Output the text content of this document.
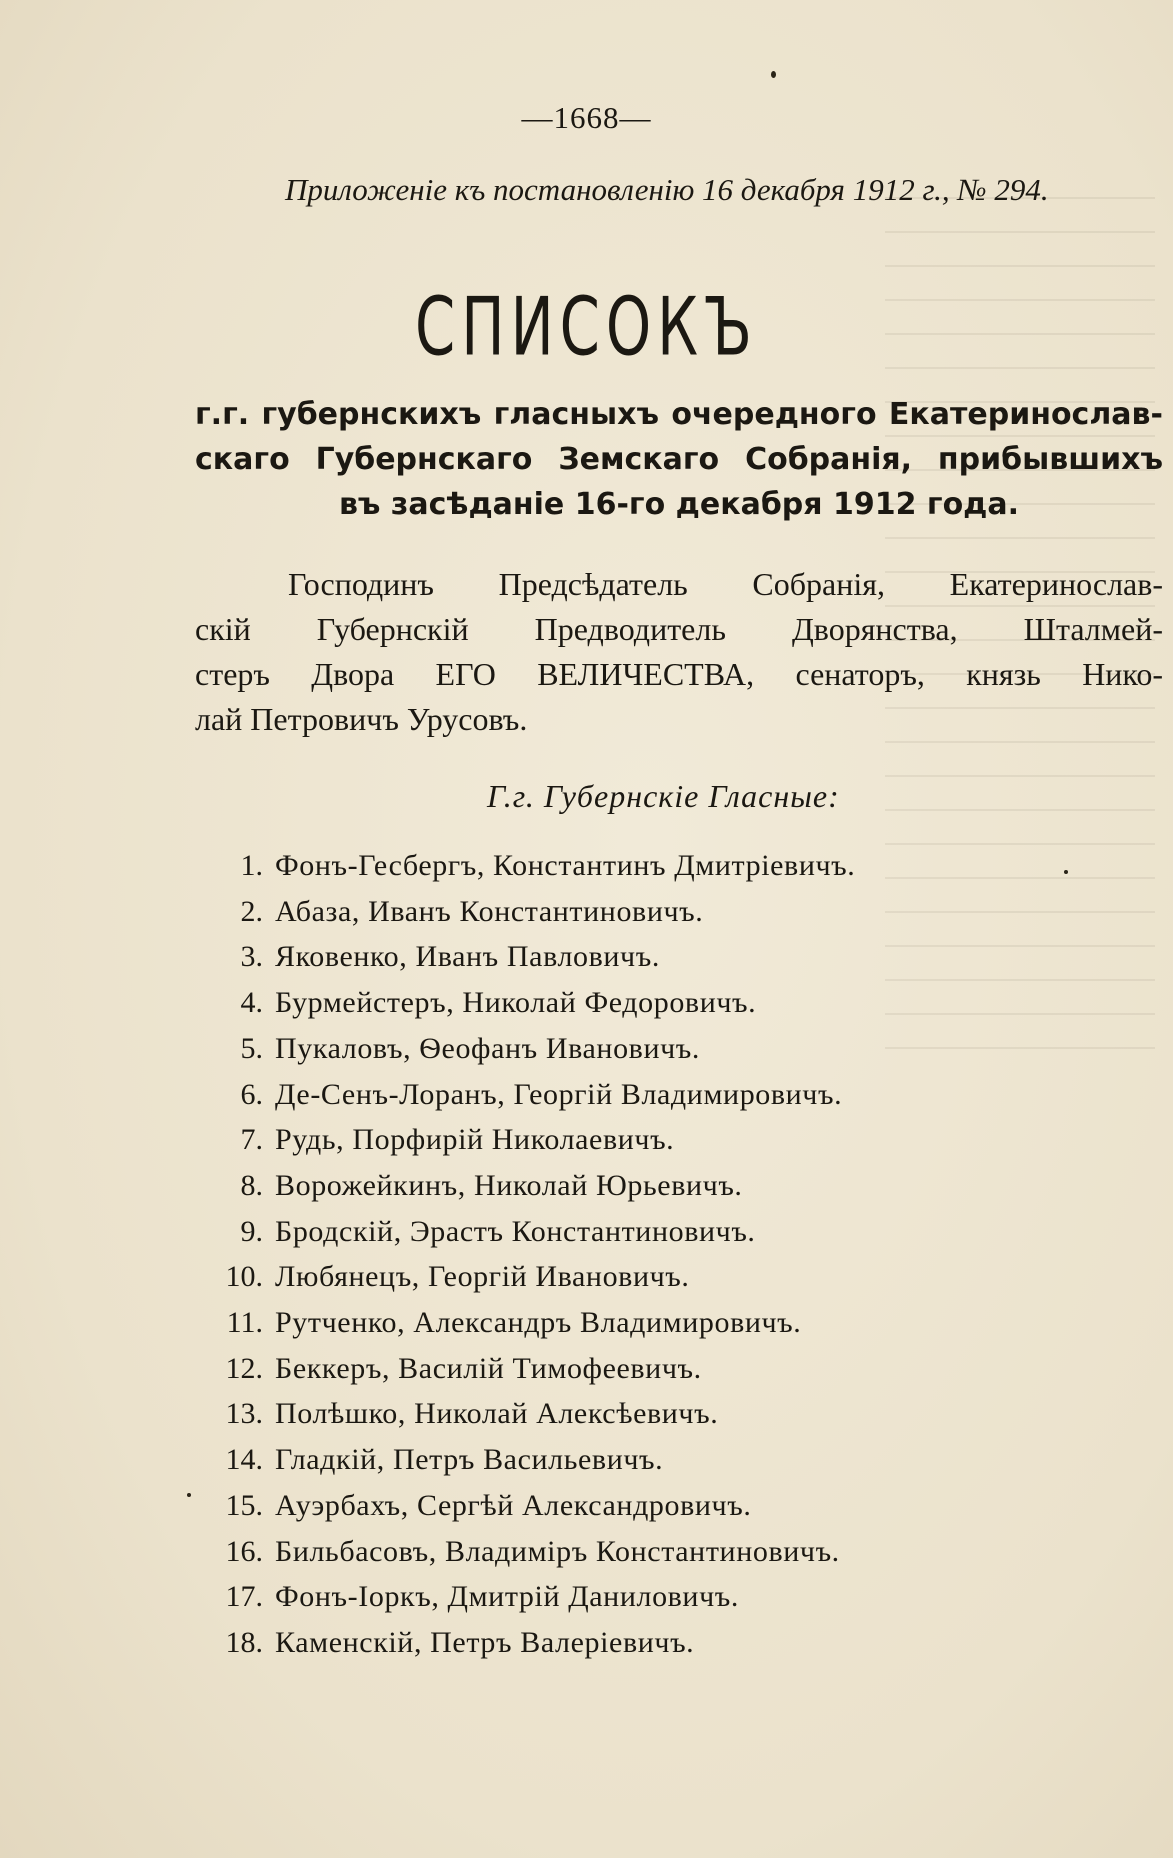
—1668—
Приложеніе къ постановленію 16 декабря 1912 г., № 294.
СПИСОКЪ
г.г. губернскихъ гласныхъ очередного Екатеринослав-
скаго Губернскаго Земскаго Собранія, прибывшихъ
въ засѣданіе 16-го декабря 1912 года.
Господинъ Предсѣдатель Собранія, Екатеринослав-
скій Губернскій Предводитель Дворянства, Шталмей-
стеръ Двора ЕГО ВЕЛИЧЕСТВА, сенаторъ, князь Нико-
лай Петровичъ Урусовъ.
Г.г. Губернскіе Гласные:
1. Фонъ-Гесбергъ, Константинъ Дмитріевичъ.
2. Абаза, Иванъ Константиновичъ.
3. Яковенко, Иванъ Павловичъ.
4. Бурмейстеръ, Николай Федоровичъ.
5. Пукаловъ, Ѳеофанъ Ивановичъ.
6. Де-Сенъ-Лоранъ, Георгій Владимировичъ.
7. Рудь, Порфирій Николаевичъ.
8. Ворожейкинъ, Николай Юрьевичъ.
9. Бродскій, Эрастъ Константиновичъ.
10. Любянецъ, Георгій Ивановичъ.
11. Рутченко, Александръ Владимировичъ.
12. Беккеръ, Василій Тимофеевичъ.
13. Полѣшко, Николай Алексѣевичъ.
14. Гладкій, Петръ Васильевичъ.
15. Ауэрбахъ, Сергѣй Александровичъ.
16. Бильбасовъ, Владиміръ Константиновичъ.
17. Фонъ-Іоркъ, Дмитрій Даниловичъ.
18. Каменскій, Петръ Валеріевичъ.
